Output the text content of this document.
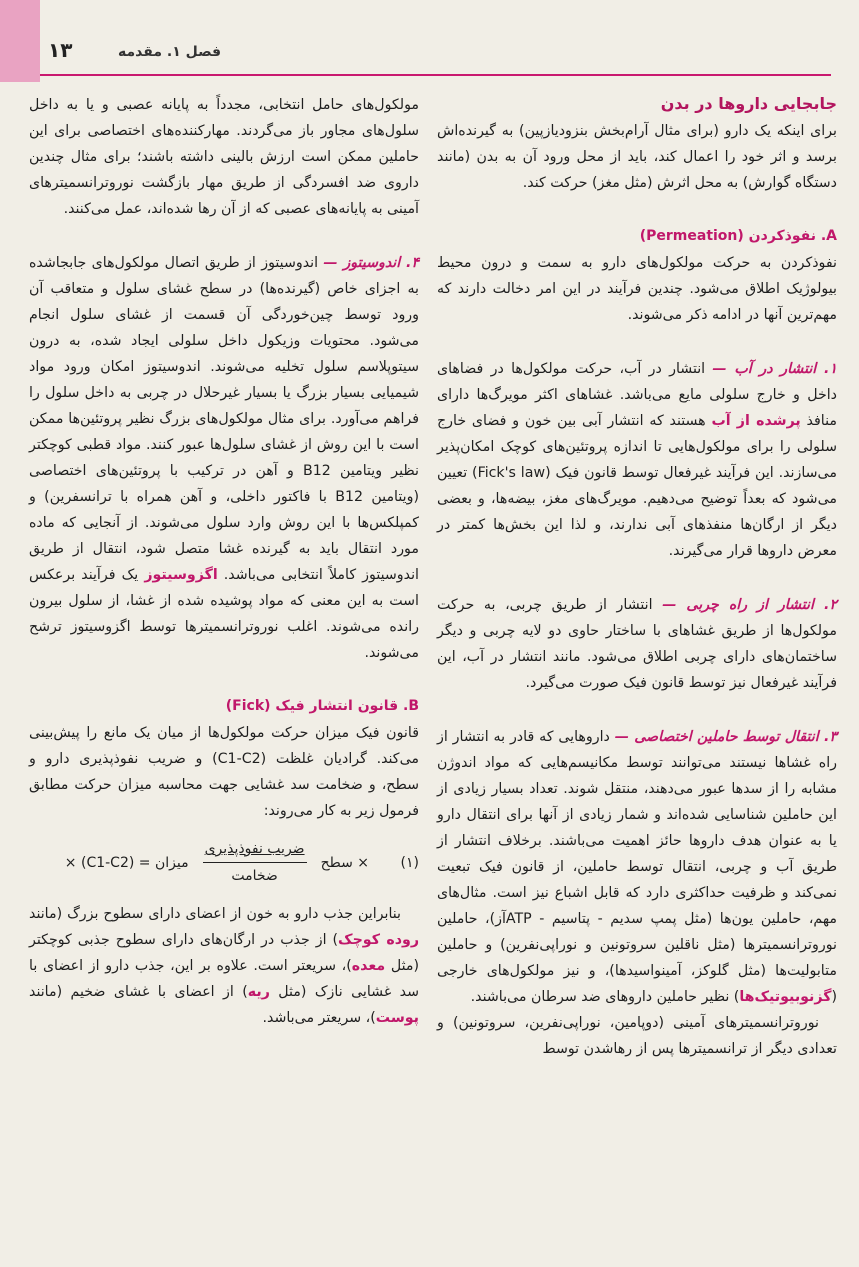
۱۳	فصل ۱. مقدمه
جابجایی داروها در بدن

برای اینکه یک دارو (برای مثال آرام‌بخش بنزودیازپین) به گیرنده‌اش برسد و اثر خود را اعمال کند، باید از محل ورود آن به بدن (مانند دستگاه گوارش) به محل اثرش (مثل مغز) حرکت کند.

A. نفوذکردن (Permeation)

نفوذکردن به حرکت مولکول‌های دارو به سمت و درون محیط بیولوژیک اطلاق می‌شود. چندین فرآیند در این امر دخالت دارند که مهم‌ترین آنها در ادامه ذکر می‌شوند.

۱. انتشار در آب — انتشار در آب، حرکت مولکول‌ها در فضاهای داخل و خارج سلولی مایع می‌باشد. غشاهای اکثر مویرگ‌ها دارای منافذ پرشده از آب هستند که انتشار آبی بین خون و فضای خارج سلولی را برای مولکول‌هایی تا اندازه پروتئین‌های کوچک امکان‌پذیر می‌سازند. این فرآیند غیرفعال توسط قانون فیک (Fick's law) تعیین می‌شود که بعداً توضیح می‌دهیم. مویرگ‌های مغز، بیضه‌ها، و بعضی دیگر از ارگان‌ها منفذهای آبی ندارند، و لذا این بخش‌ها کمتر در معرض داروها قرار می‌گیرند.

۲. انتشار از راه چربی — انتشار از طریق چربی، به حرکت مولکول‌ها از طریق غشاهای با ساختار حاوی دو لایه چربی و دیگر ساختمان‌های دارای چربی اطلاق می‌شود. مانند انتشار در آب، این فرآیند غیرفعال نیز توسط قانون فیک صورت می‌گیرد.

۳. انتقال توسط حاملین اختصاصی — داروهایی که قادر به انتشار از راه غشاها نیستند می‌توانند توسط مکانیسم‌هایی که مواد اندوژن مشابه را از سدها عبور می‌دهند، منتقل شوند. تعداد بسیار زیادی از این حاملین شناسایی شده‌اند و شمار زیادی از آنها برای انتقال دارو یا به عنوان هدف داروها حائز اهمیت می‌باشند. برخلاف انتشار از طریق آب و چربی، انتقال توسط حاملین، از قانون فیک تبعیت نمی‌کند و ظرفیت حداکثری دارد که قابل اشباع نیز است. مثال‌های مهم، حاملین یون‌ها (مثل پمپ سدیم - پتاسیم - ATPآز)، حاملین نوروترانسمیترها (مثل ناقلین سروتونین و نوراپی‌نفرین) و حاملین متابولیت‌ها (مثل گلوکز، آمینواسیدها)، و نیز مولکول‌های خارجی (گزنوبیوتیک‌ها) نظیر حاملین داروهای ضد سرطان می‌باشند.

نوروترانسمیترهای آمینی (دوپامین، نوراپی‌نفرین، سروتونین) و تعدادی دیگر از ترانسمیترها پس از رهاشدن توسط

مولکول‌های حامل انتخابی، مجدداً به پایانه عصبی و یا به داخل سلول‌های مجاور باز می‌گردند. مهارکننده‌های اختصاصی برای این حاملین ممکن است ارزش بالینی داشته باشند؛ برای مثال چندین داروی ضد افسردگی از طریق مهار بازگشت نوروترانسمیترهای آمینی به پایانه‌های عصبی که از آن رها شده‌اند، عمل می‌کنند.

۴. اندوسیتوز — اندوسیتوز از طریق اتصال مولکول‌های جابجاشده به اجزای خاص (گیرنده‌ها) در سطح غشای سلول و متعاقب آن ورود توسط چین‌خوردگی آن قسمت از غشای سلول انجام می‌شود. محتویات وزیکول داخل سلولی ایجاد شده، به درون سیتوپلاسم سلول تخلیه می‌شوند. اندوسیتوز امکان ورود مواد شیمیایی بسیار بزرگ یا بسیار غیرحلال در چربی به داخل سلول را فراهم می‌آورد. برای مثال مولکول‌های بزرگ نظیر پروتئین‌ها ممکن است با این روش از غشای سلول‌ها عبور کنند. مواد قطبی کوچکتر نظیر ویتامین B12 و آهن در ترکیب با پروتئین‌های اختصاصی (ویتامین B12 با فاکتور داخلی، و آهن همراه با ترانسفرین) و کمپلکس‌ها با این روش وارد سلول می‌شوند. از آنجایی که ماده مورد انتقال باید به گیرنده غشا متصل شود، انتقال از طریق اندوسیتوز کاملاً انتخابی می‌باشد. اگزوسیتوز یک فرآیند برعکس است به این معنی که مواد پوشیده شده از غشا، از سلول بیرون رانده می‌شوند. اغلب نوروترانسمیترها توسط اگزوسیتوز ترشح می‌شوند.

B. قانون انتشار فیک (Fick)

قانون فیک میزان حرکت مولکول‌ها از میان یک مانع را پیش‌بینی می‌کند. گرادیان غلظت (C1-C2) و ضریب نفوذپذیری دارو و سطح، و ضخامت سد غشایی جهت محاسبه میزان حرکت مطابق فرمول زیر به کار می‌روند:

(۱)
× سطح
$\frac{\text{ضریب نفوذپذیری}}{\text{ضخامت}}$
میزان = (C1-C2) ×

بنابراین جذب دارو به خون از اعضای دارای سطوح بزرگ (مانند روده کوچک) از جذب در ارگان‌های دارای سطوح جذبی کوچکتر (مثل معده)، سریعتر است. علاوه بر این، جذب دارو از اعضای با سد غشایی نازک (مثل ریه) از اعضای با غشای ضخیم (مانند پوست)، سریعتر می‌باشد.
